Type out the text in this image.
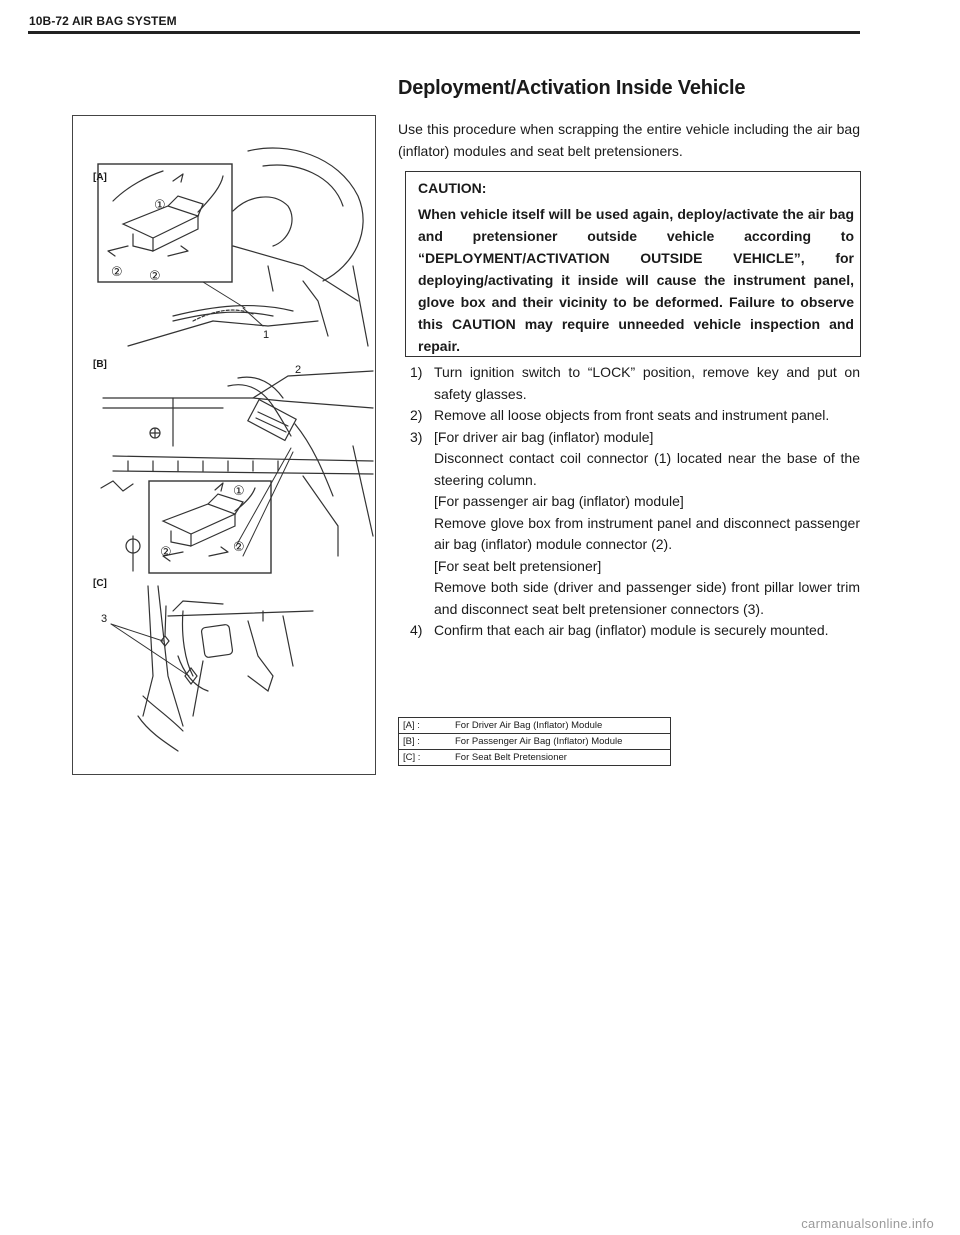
10B-72 AIR BAG SYSTEM
[A]
[B]
[C]
①
② ②
1
2
①
②	②
3
Deployment/Activation Inside Vehicle
Use this procedure when scrapping the entire vehicle including the air bag (inflator) modules and seat belt pretensioners.
CAUTION:
When vehicle itself will be used again, deploy/activate the air bag and pretensioner outside vehicle according to “DEPLOYMENT/ACTIVATION OUTSIDE VEHICLE”, for deploying/activating it inside will cause the instrument panel, glove box and their vicinity to be deformed. Failure to observe this CAUTION may require unneeded vehicle inspection and repair.
1) Turn ignition switch to “LOCK” position, remove key and put on safety glasses.
2) Remove all loose objects from front seats and instrument panel.
3) [For driver air bag (inflator) module]
Disconnect contact coil connector (1) located near the base of the steering column.
[For passenger air bag (inflator) module]
Remove glove box from instrument panel and disconnect passenger air bag (inflator) module connector (2).
[For seat belt pretensioner]
Remove both side (driver and passenger side) front pillar lower trim and disconnect seat belt pretensioner connectors (3).
4) Confirm that each air bag (inflator) module is securely mounted.
[A] :	For Driver Air Bag (Inflator) Module
[B] :	For Passenger Air Bag (Inflator) Module
[C] :	For Seat Belt Pretensioner
carmanualsonline.info
